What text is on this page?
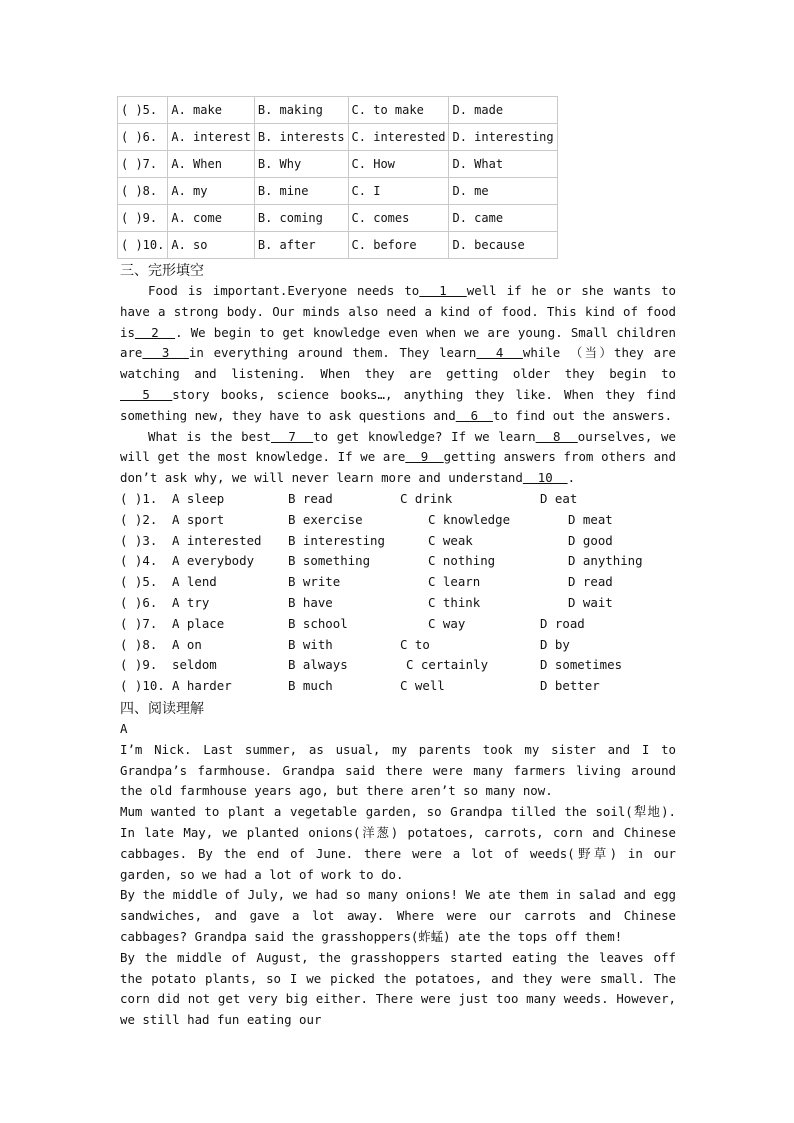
( )5.	A. make	B. making	C. to make	D. made
( )6.	A. interest	B. interests	C. interested	D. interesting
( )7.	A. When	B. Why	C. How	D. What
( )8.	A. my	B. mine	C. I	D. me
( )9.	A. come	B. coming	C. comes	D. came
( )10.	A. so	B. after	C. before	D. because
三、完形填空
Food is important.Everyone needs to  1  well if he or she wants to have a strong body. Our minds also need a kind of food. This kind of food is  2  . We begin to get knowledge even when we are young. Small children are  3  in everything around them. They learn  4  while （当）they are watching and listening. When they are getting older they begin to  5  story books, science books…, anything they like. When they find something new, they have to ask questions and  6  to find out the answers.
What is the best  7  to get knowledge? If we learn  8  ourselves, we will get the most knowledge. If we are  9  getting answers from others and don’t ask why, we will never learn more and understand  10  .
( )1. A sleep	B read	C drink	D eat
( )2. A sport	B exercise	C knowledge	D meat
( )3. A interested B interesting	C weak	D good
( )4. A everybody	B something	C nothing	D anything
( )5. A lend	B write	C learn	D read
( )6. A try	B have	C think	D wait
( )7. A place	B school	C way	D road
( )8. A on	B with	C to	D by
( )9. seldom	B always	C certainly	D sometimes
( )10. A harder	B much	C well	D better
四、阅读理解
A

I’m Nick. Last summer, as usual, my parents took my sister and I to Grandpa’s farmhouse. Grandpa said there were many farmers living around the old farmhouse years ago, but there aren’t so many now.

Mum wanted to plant a vegetable garden, so Grandpa tilled the soil(犁地). In late May, we planted onions(洋葱) potatoes, carrots, corn and Chinese cabbages. By the end of June. there were a lot of weeds(野草) in our garden, so we had a lot of work to do.

By the middle of July, we had so many onions! We ate them in salad and egg sandwiches, and gave a lot away. Where were our carrots and Chinese cabbages? Grandpa said the grasshoppers(蚱蜢) ate the tops off them!

By the middle of August, the grasshoppers started eating the leaves off the potato plants, so I we picked the potatoes, and they were small. The corn did not get very big either. There were just too many weeds. However, we still had fun eating our
